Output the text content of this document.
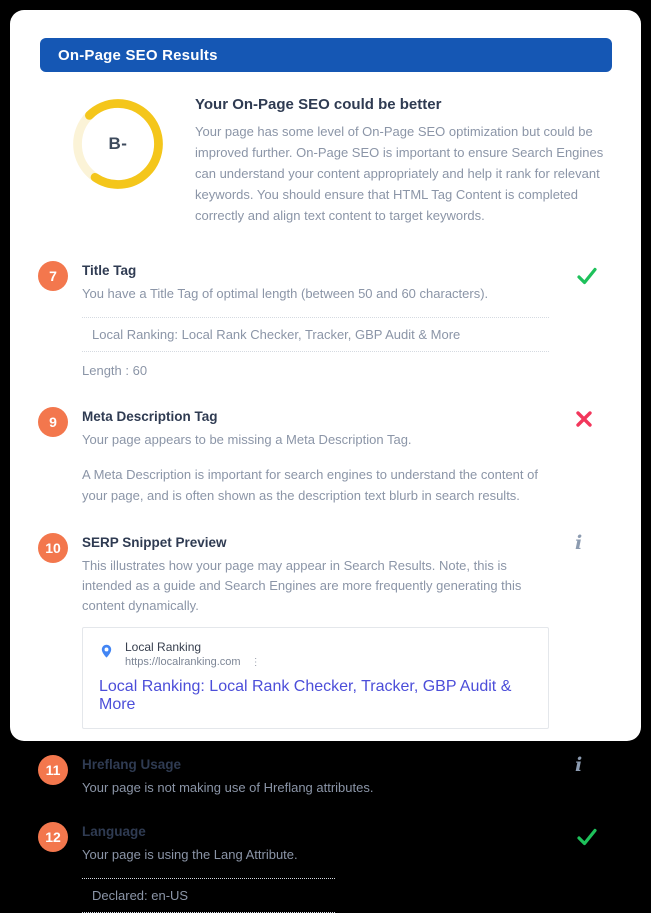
On-Page SEO Results
B-
Your On-Page SEO could be better

Your page has some level of On-Page SEO optimization but could be improved further. On-Page SEO is important to ensure Search Engines can understand your content appropriately and help it rank for relevant keywords. You should ensure that HTML Tag Content is completed correctly and align text content to target keywords.

7	Title Tag
You have a Title Tag of optimal length (between 50 and 60 characters).
Local Ranking: Local Rank Checker, Tracker, GBP Audit & More
Length : 60
9	Meta Description Tag
Your page appears to be missing a Meta Description Tag.
A Meta Description is important for search engines to understand the content of your page, and is often shown as the description text blurb in search results.
10	SERP Snippet Preview
This illustrates how your page may appear in Search Results. Note, this is intended as a guide and Search Engines are more frequently generating this content dynamically.
Local Ranking
https://localranking.com ⋮
Local Ranking: Local Rank Checker, Tracker, GBP Audit & More
i
11	Hreflang Usage
Your page is not making use of Hreflang attributes.
i
12	Language
Your page is using the Lang Attribute.
Declared: en-US
